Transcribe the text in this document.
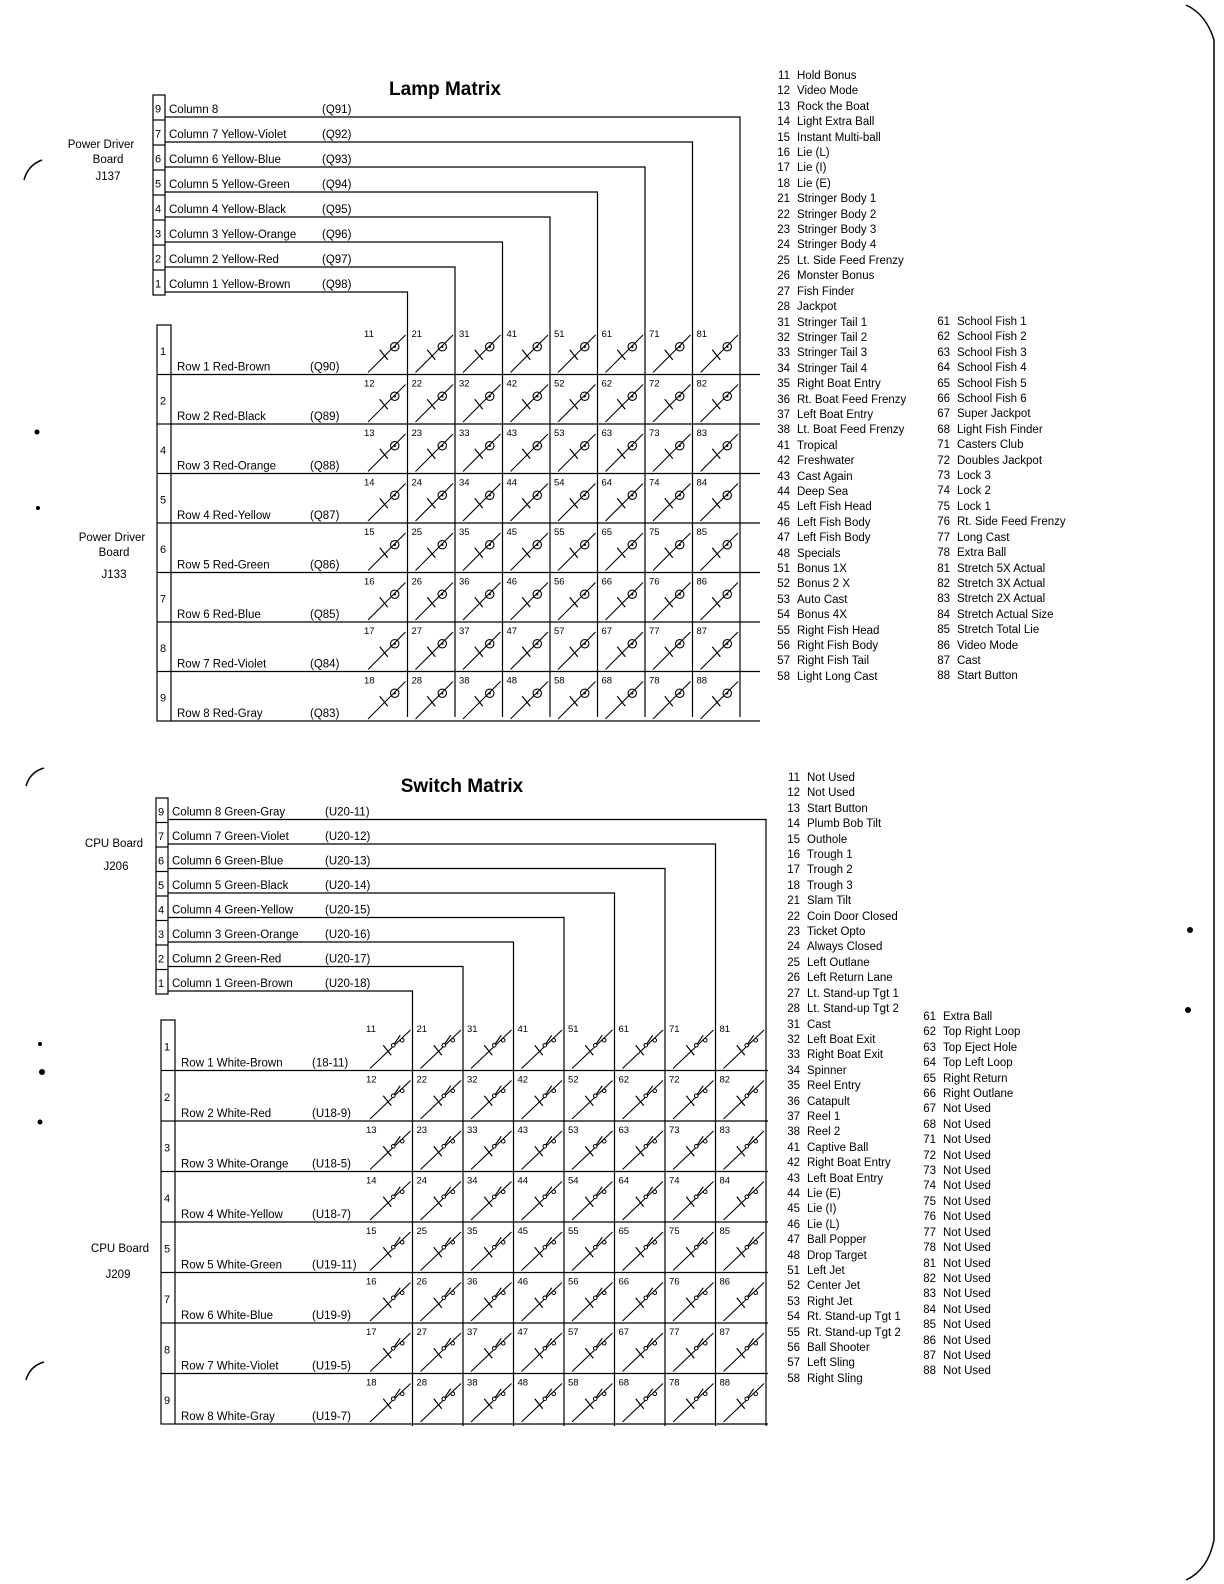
Lamp Matrix
Switch Matrix
Power Driver
Board
J137
Power Driver
Board
J133
CPU Board
J206
CPU Board
J209
9 Column 8	(Q91)
7 Column 7 Yellow-Violet	(Q92)
6 Column 6 Yellow-Blue	(Q93)
5 Column 5 Yellow-Green	(Q94)
4 Column 4 Yellow-Black	(Q95)
3 Column 3 Yellow-Orange (Q96)
2 Column 2 Yellow-Red	(Q97)
1 Column 1 Yellow-Brown	(Q98)
1
Row 1 Red-Brown	(Q90)
11	21	31	41	51	61	71	81
2
Row 2 Red-Black	(Q89)
12	22	32	42	52	62	72	82
4
Row 3 Red-Orange	(Q88)
13	23	33	43	53	63	73	83
5
Row 4 Red-Yellow	(Q87)
14	24	34	44	54	64	74	84
6
Row 5 Red-Green	(Q86)
15	25	35	45	55	65	75	85
7
Row 6 Red-Blue	(Q85)
16	26	36	46	56	66	76	86
8
Row 7 Red-Violet	(Q84)
17	27	37	47	57	67	77	87
9
Row 8 Red-Gray	(Q83)
18	28	38	48	58	68	78	88
9 Column 8 Green-Gray	(U20-11)
7 Column 7 Green-Violet	(U20-12)
6 Column 6 Green-Blue	(U20-13)
5 Column 5 Green-Black	(U20-14)
4 Column 4 Green-Yellow	(U20-15)
3 Column 3 Green-Orange (U20-16)
2 Column 2 Green-Red	(U20-17)
1 Column 1 Green-Brown	(U20-18)
1
Row 1 White-Brown	(18-11)
11	21	31	41	51	61	71	81
2
Row 2 White-Red	(U18-9)
12	22	32	42	52	62	72	82
3
Row 3 White-Orange (U18-5)
13	23	33	43	53	63	73	83
4
Row 4 White-Yellow	(U18-7)
14	24	34	44	54	64	74	84
5
Row 5 White-Green	(U19-11)
15	25	35	45	55	65	75	85
7
Row 6 White-Blue	(U19-9)
16	26	36	46	56	66	76	86
8
Row 7 White-Violet	(U19-5)
17	27	37	47	57	67	77	87
9
Row 8 White-Gray	(U19-7)
18	28	38	48	58	68	78	88
11 Hold Bonus
12 Video Mode
13 Rock the Boat
14 Light Extra Ball
15 Instant Multi-ball
16 Lie (L)
17 Lie (I)
18 Lie (E)
21 Stringer Body 1
22 Stringer Body 2
23 Stringer Body 3
24 Stringer Body 4
25 Lt. Side Feed Frenzy
26 Monster Bonus
27 Fish Finder
28 Jackpot
31 Stringer Tail 1
32 Stringer Tail 2
33 Stringer Tail 3
34 Stringer Tail 4
35 Right Boat Entry
36 Rt. Boat Feed Frenzy
37 Left Boat Entry
38 Lt. Boat Feed Frenzy
41 Tropical
42 Freshwater
43 Cast Again
44 Deep Sea
45 Left Fish Head
46 Left Fish Body
47 Left Fish Body
48 Specials
51 Bonus 1X
52 Bonus 2 X
53 Auto Cast
54 Bonus 4X
55 Right Fish Head
56 Right Fish Body
57 Right Fish Tail
58 Light Long Cast
61 School Fish 1
62 School Fish 2
63 School Fish 3
64 School Fish 4
65 School Fish 5
66 School Fish 6
67 Super Jackpot
68 Light Fish Finder
71 Casters Club
72 Doubles Jackpot
73 Lock 3
74 Lock 2
75 Lock 1
76 Rt. Side Feed Frenzy
77 Long Cast
78 Extra Ball
81 Stretch 5X Actual
82 Stretch 3X Actual
83 Stretch 2X Actual
84 Stretch Actual Size
85 Stretch Total Lie
86 Video Mode
87 Cast
88 Start Button
11 Not Used
12 Not Used
13 Start Button
14 Plumb Bob Tilt
15 Outhole
16 Trough 1
17 Trough 2
18 Trough 3
21 Slam Tilt
22 Coin Door Closed
23 Ticket Opto
24 Always Closed
25 Left Outlane
26 Left Return Lane
27 Lt. Stand-up Tgt 1
28 Lt. Stand-up Tgt 2
31 Cast
32 Left Boat Exit
33 Right Boat Exit
34 Spinner
35 Reel Entry
36 Catapult
37 Reel 1
38 Reel 2
41 Captive Ball
42 Right Boat Entry
43 Left Boat Entry
44 Lie (E)
45 Lie (I)
46 Lie (L)
47 Ball Popper
48 Drop Target
51 Left Jet
52 Center Jet
53 Right Jet
54 Rt. Stand-up Tgt 1
55 Rt. Stand-up Tgt 2
56 Ball Shooter
57 Left Sling
58 Right Sling
61 Extra Ball
62 Top Right Loop
63 Top Eject Hole
64 Top Left Loop
65 Right Return
66 Right Outlane
67 Not Used
68 Not Used
71 Not Used
72 Not Used
73 Not Used
74 Not Used
75 Not Used
76 Not Used
77 Not Used
78 Not Used
81 Not Used
82 Not Used
83 Not Used
84 Not Used
85 Not Used
86 Not Used
87 Not Used
88 Not Used
